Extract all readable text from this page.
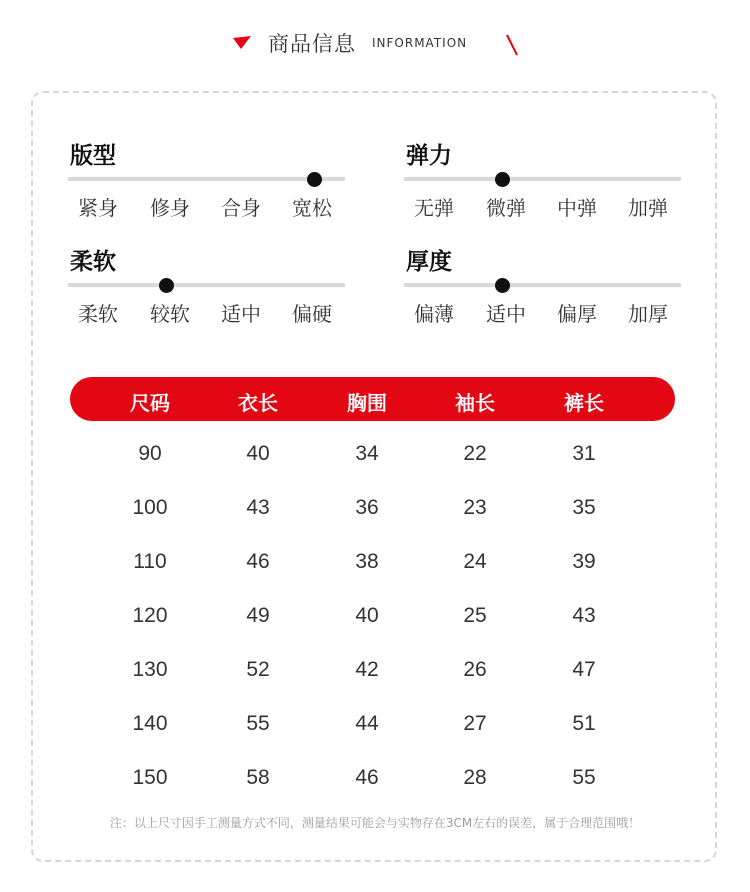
商品信息 INFORMATION
版型
紧身 修身 合身 宽松
弹力
无弹 微弹 中弹 加弹
柔软
柔软 较软 适中 偏硬
厚度
偏薄 适中 偏厚 加厚
尺码	衣长	胸围	袖长	裤长
90	40	34	22	31
100	43	36	23	35
110	46	38	24	39
120	49	40	25	43
130	52	42	26	47
140	55	44	27	51
150	58	46	28	55
注：以上尺寸因手工测量方式不同，测量结果可能会与实物存在3CM左右的误差，属于合理范围哦！
